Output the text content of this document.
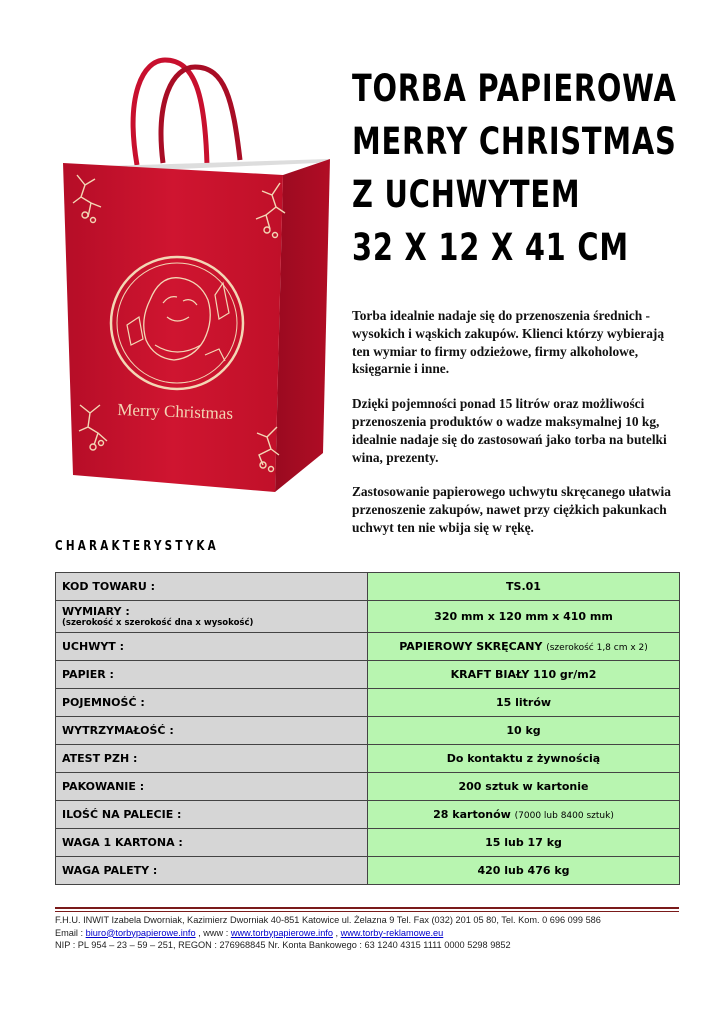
Merry Christmas
TORBA PAPIEROWA
MERRY CHRISTMAS
Z UCHWYTEM
32 X 12 X 41 CM

Torba idealnie nadaje się do przenoszenia średnich - wysokich i wąskich zakupów. Klienci którzy wybierają ten wymiar to firmy odzieżowe, firmy alkoholowe, księgarnie i inne.

Dzięki pojemności ponad 15 litrów oraz możliwości przenoszenia produktów o wadze maksymalnej 10 kg, idealnie nadaje się do zastosowań jako torba na butelki wina, prezenty.

Zastosowanie papierowego uchwytu skręcanego ułatwia przenoszenie zakupów, nawet przy ciężkich pakunkach uchwyt ten nie wbija się w rękę.

CHARAKTERYSTYKA
KOD TOWARU :	TS.01

WYMIARY :
(szerokość x szerokość dna x wysokość)	320 mm x 120 mm x 410 mm
UCHWYT :	PAPIEROWY SKRĘCANY (szerokość 1,8 cm x 2)
PAPIER :	KRAFT BIAŁY 110 gr/m2
POJEMNOŚĆ :	15 litrów
WYTRZYMAŁOŚĆ :	10 kg
ATEST PZH :	Do kontaktu z żywnością
PAKOWANIE :	200 sztuk w kartonie
ILOŚĆ NA PALECIE :	28 kartonów (7000 lub 8400 sztuk)
WAGA 1 KARTONA :	15 lub 17 kg
WAGA PALETY :	420 lub 476 kg
F.H.U. INWIT Izabela Dworniak, Kazimierz Dworniak 40-851 Katowice ul. Żelazna 9 Tel. Fax (032) 201 05 80, Tel. Kom. 0 696 099 586
Email : biuro@torbypapierowe.info , www : www.torbypapierowe.info , www.torby-reklamowe.eu
NIP : PL 954 – 23 – 59 – 251, REGON : 276968845 Nr. Konta Bankowego : 63 1240 4315 1111 0000 5298 9852
